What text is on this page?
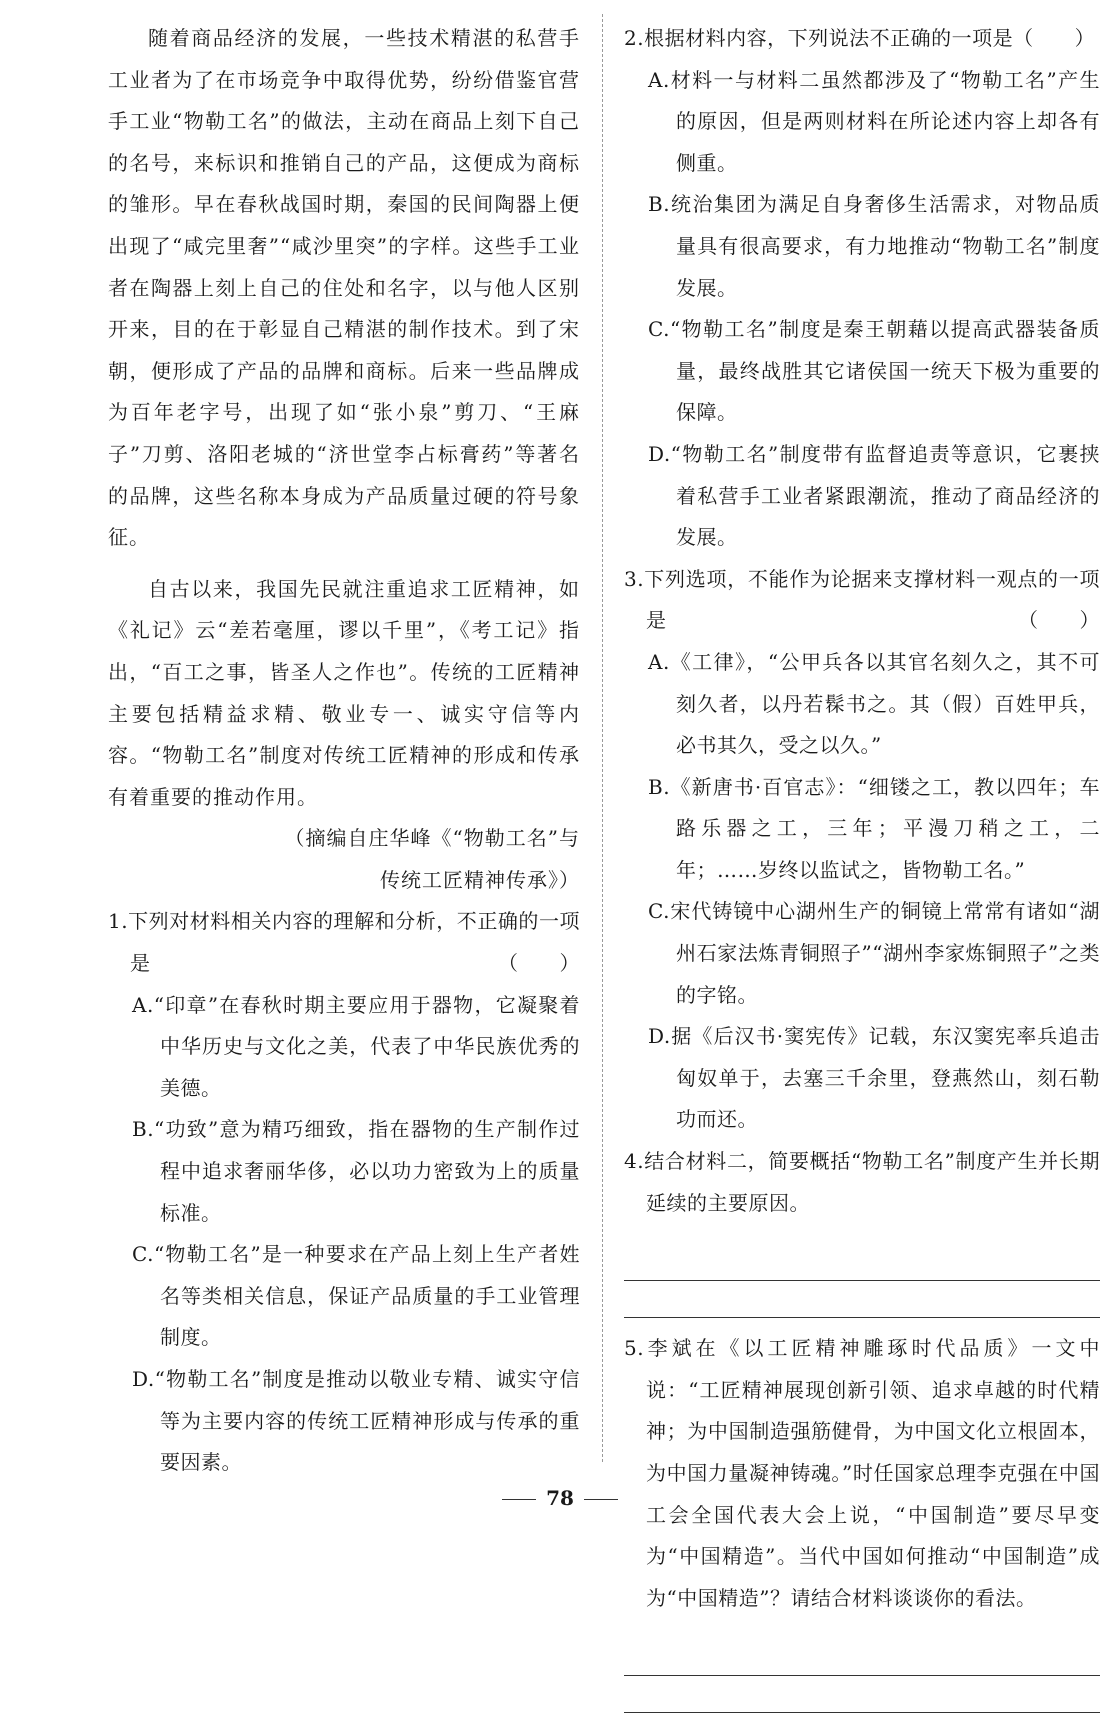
随着商品经济的发展，一些技术精湛的私营手工业者为了在市场竞争中取得优势，纷纷借鉴官营手工业“物勒工名”的做法，主动在商品上刻下自己的名号，来标识和推销自己的产品，这便成为商标的雏形。早在春秋战国时期，秦国的民间陶器上便出现了“咸完里奢”“咸沙里突”的字样。这些手工业者在陶器上刻上自己的住处和名字，以与他人区别开来，目的在于彰显自己精湛的制作技术。到了宋朝，便形成了产品的品牌和商标。后来一些品牌成为百年老字号，出现了如“张小泉”剪刀、“王麻子”刀剪、洛阳老城的“济世堂李占标膏药”等著名的品牌，这些名称本身成为产品质量过硬的符号象征。

自古以来，我国先民就注重追求工匠精神，如《礼记》云“差若毫厘，谬以千里”，《考工记》指出，“百工之事，皆圣人之作也”。传统的工匠精神主要包括精益求精、敬业专一、诚实守信等内容。“物勒工名”制度对传统工匠精神的形成和传承有着重要的推动作用。

（摘编自庄华峰《“物勒工名”与

传统工匠精神传承》）

1.下列对材料相关内容的理解和分析，不正确的一项是	（　　）
A.“印章”在春秋时期主要应用于器物，它凝聚着中华历史与文化之美，代表了中华民族优秀的美德。
B.“功致”意为精巧细致，指在器物的生产制作过程中追求奢丽华侈，必以功力密致为上的质量标准。
C.“物勒工名”是一种要求在产品上刻上生产者姓名等类相关信息，保证产品质量的手工业管理制度。
D.“物勒工名”制度是推动以敬业专精、诚实守信等为主要内容的传统工匠精神形成与传承的重要因素。
2.根据材料内容，下列说法不正确的一项是（　　）
A.材料一与材料二虽然都涉及了“物勒工名”产生的原因，但是两则材料在所论述内容上却各有侧重。
B.统治集团为满足自身奢侈生活需求，对物品质量具有很高要求，有力地推动“物勒工名”制度发展。
C.“物勒工名”制度是秦王朝藉以提高武器装备质量，最终战胜其它诸侯国一统天下极为重要的保障。
D.“物勒工名”制度带有监督追责等意识，它裹挟着私营手工业者紧跟潮流，推动了商品经济的发展。
3.下列选项，不能作为论据来支撑材料一观点的一项是	（　　）
A.《工律》，“公甲兵各以其官名刻久之，其不可刻久者，以丹若髹书之。其（假）百姓甲兵，必书其久，受之以久。”
B.《新唐书·百官志》：“细镂之工，教以四年；车路乐器之工，三年；平漫刀稍之工，二年；……岁终以监试之，皆物勒工名。”
C.宋代铸镜中心湖州生产的铜镜上常常有诸如“湖州石家法炼青铜照子”“湖州李家炼铜照子”之类的字铭。
D.据《后汉书·窦宪传》记载，东汉窦宪率兵追击匈奴单于，去塞三千余里，登燕然山，刻石勒功而还。
4.结合材料二，简要概括“物勒工名”制度产生并长期延续的主要原因。
5.李斌在《以工匠精神雕琢时代品质》一文中说：“工匠精神展现创新引领、追求卓越的时代精神；为中国制造强筋健骨，为中国文化立根固本，为中国力量凝神铸魂。”时任国家总理李克强在中国工会全国代表大会上说，“中国制造”要尽早变为“中国精造”。当代中国如何推动“中国制造”成为“中国精造”？请结合材料谈谈你的看法。
78
